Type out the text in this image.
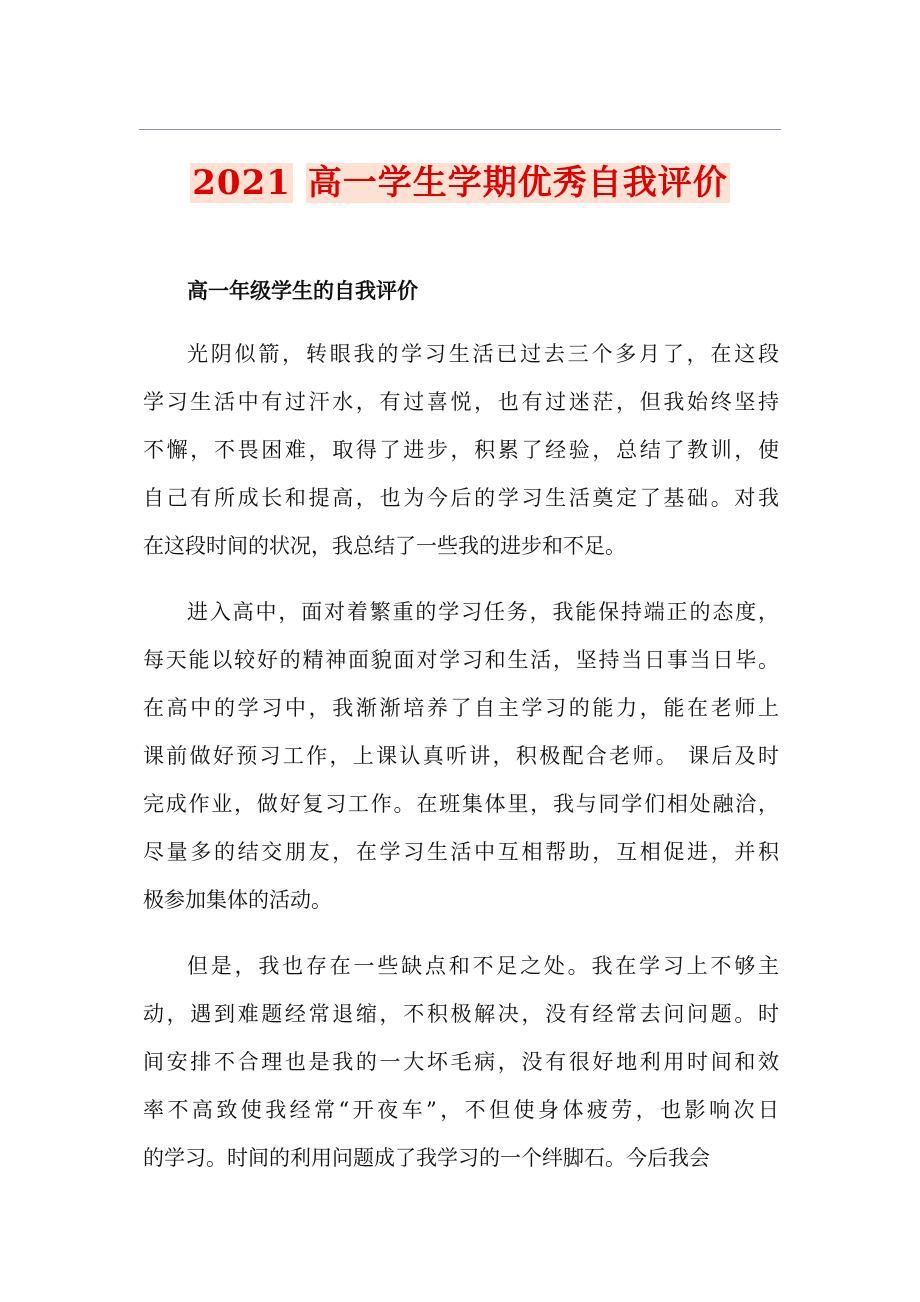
2021 高一学生学期优秀自我评价
高一年级学生的自我评价
光阴似箭，转眼我的学习生活已过去三个多月了，在这段
学习生活中有过汗水，有过喜悦，也有过迷茫，但我始终坚持
不懈，不畏困难，取得了进步，积累了经验，总结了教训，使
自己有所成长和提高，也为今后的学习生活奠定了基础。对我
在这段时间的状况，我总结了一些我的进步和不足。
进入高中，面对着繁重的学习任务，我能保持端正的态度，
每天能以较好的精神面貌面对学习和生活，坚持当日事当日毕。
在高中的学习中，我渐渐培养了自主学习的能力，能在老师上
课前做好预习工作，上课认真听讲，积极配合老师。 课后及时
完成作业，做好复习工作。在班集体里，我与同学们相处融洽，
尽量多的结交朋友，在学习生活中互相帮助，互相促进，并积
极参加集体的活动。
但是，我也存在一些缺点和不足之处。我在学习上不够主
动，遇到难题经常退缩，不积极解决，没有经常去问问题。时
间安排不合理也是我的一大坏毛病，没有很好地利用时间和效
率不高致使我经常“开夜车”，不但使身体疲劳，也影响次日
的学习。时间的利用问题成了我学习的一个绊脚石。今后我会
